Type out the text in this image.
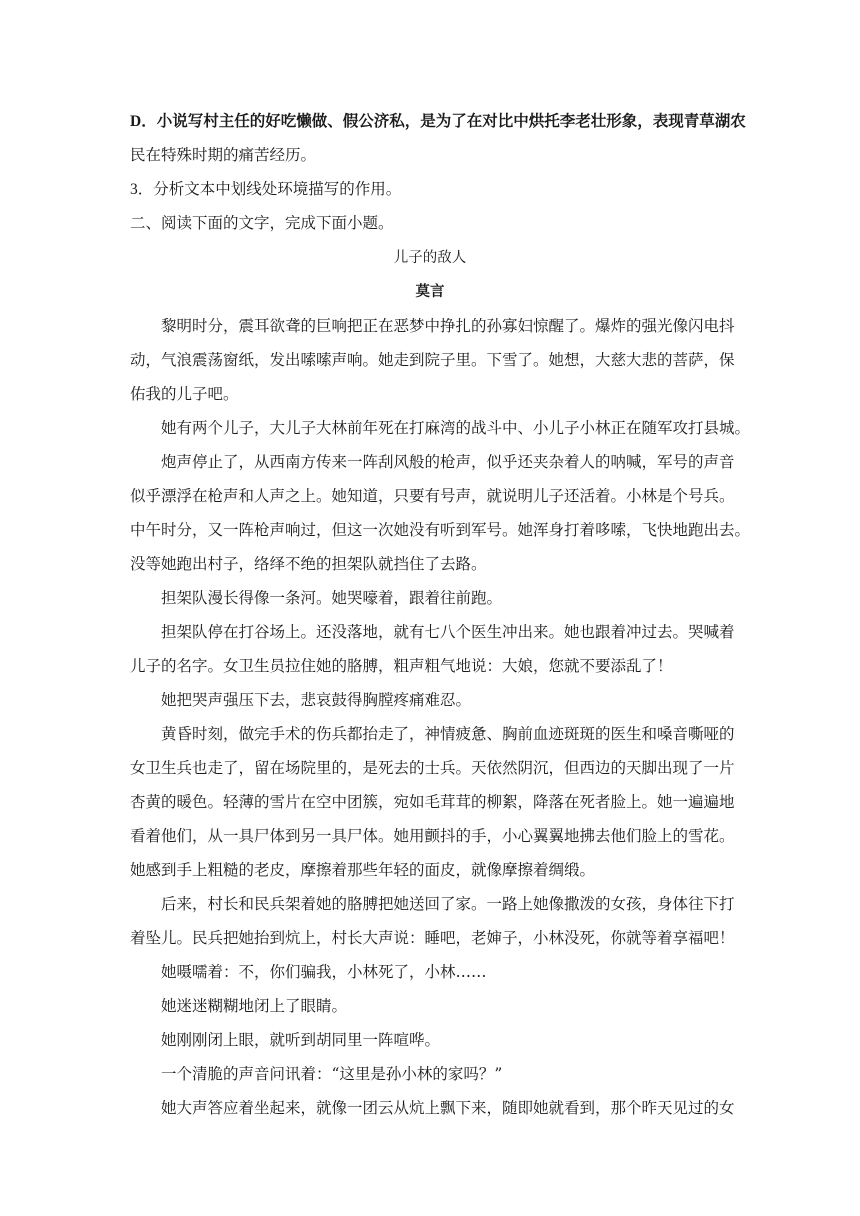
D．小说写村主任的好吃懒做、假公济私，是为了在对比中烘托李老壮形象，表现青草湖农
民在特殊时期的痛苦经历。
3．分析文本中划线处环境描写的作用。
二、阅读下面的文字，完成下面小题。
儿子的敌人
莫言
黎明时分，震耳欲聋的巨响把正在恶梦中挣扎的孙寡妇惊醒了。爆炸的强光像闪电抖
动，气浪震荡窗纸，发出嗦嗦声响。她走到院子里。下雪了。她想，大慈大悲的菩萨，保
佑我的儿子吧。
她有两个儿子，大儿子大林前年死在打麻湾的战斗中、小儿子小林正在随军攻打县城。
炮声停止了，从西南方传来一阵刮风般的枪声，似乎还夹杂着人的呐喊，军号的声音
似乎漂浮在枪声和人声之上。她知道，只要有号声，就说明儿子还活着。小林是个号兵。
中午时分，又一阵枪声响过，但这一次她没有听到军号。她浑身打着哆嗦，飞快地跑出去。
没等她跑出村子，络绎不绝的担架队就挡住了去路。
担架队漫长得像一条河。她哭嚎着，跟着往前跑。
担架队停在打谷场上。还没落地，就有七八个医生冲出来。她也跟着冲过去。哭喊着
儿子的名字。女卫生员拉住她的胳膊，粗声粗气地说：大娘，您就不要添乱了！
她把哭声强压下去，悲哀鼓得胸膛疼痛难忍。
黄昏时刻，做完手术的伤兵都抬走了，神情疲惫、胸前血迹斑斑的医生和嗓音嘶哑的
女卫生兵也走了，留在场院里的，是死去的士兵。天依然阴沉，但西边的天脚出现了一片
杏黄的暖色。轻薄的雪片在空中团簇，宛如毛茸茸的柳絮，降落在死者脸上。她一遍遍地
看着他们，从一具尸体到另一具尸体。她用颤抖的手，小心翼翼地拂去他们脸上的雪花。
她感到手上粗糙的老皮，摩擦着那些年轻的面皮，就像摩擦着绸缎。
后来，村长和民兵架着她的胳膊把她送回了家。一路上她像撒泼的女孩，身体往下打
着坠儿。民兵把她抬到炕上，村长大声说：睡吧，老婶子，小林没死，你就等着享福吧！
她嗫嚅着：不，你们骗我，小林死了，小林……
她迷迷糊糊地闭上了眼睛。
她刚刚闭上眼，就听到胡同里一阵喧哗。
一个清脆的声音问讯着：“这里是孙小林的家吗？”
她大声答应着坐起来，就像一团云从炕上飘下来，随即她就看到，那个昨天见过的女
